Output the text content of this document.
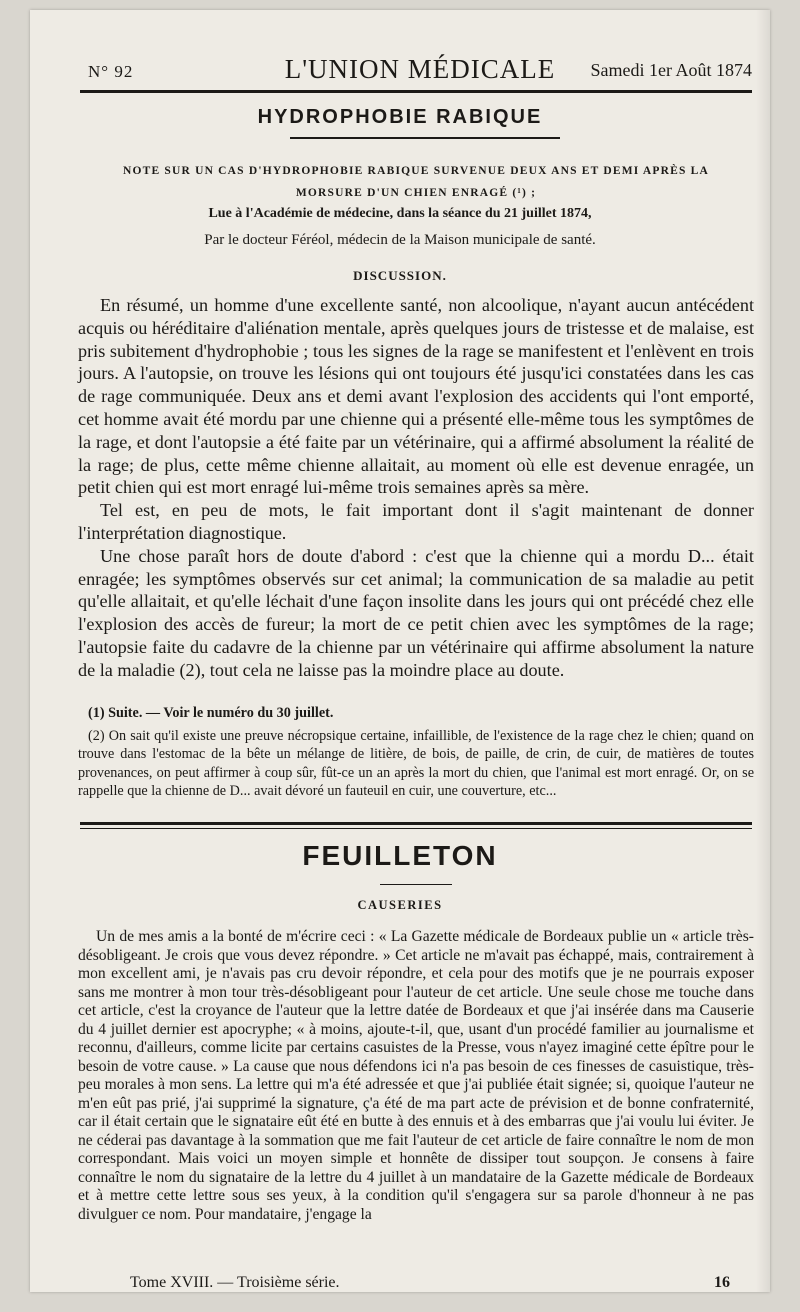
N° 92	L'UNION MÉDICALE	Samedi 1er Août 1874
HYDROPHOBIE RABIQUE
NOTE SUR UN CAS D'HYDROPHOBIE RABIQUE SURVENUE DEUX ANS ET DEMI APRÈS LA
MORSURE D'UN CHIEN ENRAGÉ (¹) ;
Lue à l'Académie de médecine, dans la séance du 21 juillet 1874,
Par le docteur Féréol, médecin de la Maison municipale de santé.
DISCUSSION.

En résumé, un homme d'une excellente santé, non alcoolique, n'ayant aucun antécédent acquis ou héréditaire d'aliénation mentale, après quelques jours de tristesse et de malaise, est pris subitement d'hydrophobie ; tous les signes de la rage se manifestent et l'enlèvent en trois jours. A l'autopsie, on trouve les lésions qui ont toujours été jusqu'ici constatées dans les cas de rage communiquée. Deux ans et demi avant l'explosion des accidents qui l'ont emporté, cet homme avait été mordu par une chienne qui a présenté elle-même tous les symptômes de la rage, et dont l'autopsie a été faite par un vétérinaire, qui a affirmé absolument la réalité de la rage; de plus, cette même chienne allaitait, au moment où elle est devenue enragée, un petit chien qui est mort enragé lui-même trois semaines après sa mère.

Tel est, en peu de mots, le fait important dont il s'agit maintenant de donner l'interprétation diagnostique.

Une chose paraît hors de doute d'abord : c'est que la chienne qui a mordu D... était enragée; les symptômes observés sur cet animal; la communication de sa maladie au petit qu'elle allaitait, et qu'elle léchait d'une façon insolite dans les jours qui ont précédé chez elle l'explosion des accès de fureur; la mort de ce petit chien avec les symptômes de la rage; l'autopsie faite du cadavre de la chienne par un vétérinaire qui affirme absolument la nature de la maladie (2), tout cela ne laisse pas la moindre place au doute.

(1) Suite. — Voir le numéro du 30 juillet.

(2) On sait qu'il existe une preuve nécropsique certaine, infaillible, de l'existence de la rage chez le chien; quand on trouve dans l'estomac de la bête un mélange de litière, de bois, de paille, de crin, de cuir, de matières de toutes provenances, on peut affirmer à coup sûr, fût-ce un an après la mort du chien, que l'animal est mort enragé. Or, on se rappelle que la chienne de D... avait dévoré un fauteuil en cuir, une couverture, etc...

FEUILLETON
CAUSERIES

Un de mes amis a la bonté de m'écrire ceci : « La Gazette médicale de Bordeaux publie un « article très-désobligeant. Je crois que vous devez répondre. » Cet article ne m'avait pas échappé, mais, contrairement à mon excellent ami, je n'avais pas cru devoir répondre, et cela pour des motifs que je ne pourrais exposer sans me montrer à mon tour très-désobligeant pour l'auteur de cet article. Une seule chose me touche dans cet article, c'est la croyance de l'auteur que la lettre datée de Bordeaux et que j'ai insérée dans ma Causerie du 4 juillet dernier est apocryphe; « à moins, ajoute-t-il, que, usant d'un procédé familier au journalisme et reconnu, d'ailleurs, comme licite par certains casuistes de la Presse, vous n'ayez imaginé cette épître pour le besoin de votre cause. » La cause que nous défendons ici n'a pas besoin de ces finesses de casuistique, très-peu morales à mon sens. La lettre qui m'a été adressée et que j'ai publiée était signée; si, quoique l'auteur ne m'en eût pas prié, j'ai supprimé la signature, ç'a été de ma part acte de prévision et de bonne confraternité, car il était certain que le signataire eût été en butte à des ennuis et à des embarras que j'ai voulu lui éviter. Je ne céderai pas davantage à la sommation que me fait l'auteur de cet article de faire connaître le nom de mon correspondant. Mais voici un moyen simple et honnête de dissiper tout soupçon. Je consens à faire connaître le nom du signataire de la lettre du 4 juillet à un mandataire de la Gazette médicale de Bordeaux et à mettre cette lettre sous ses yeux, à la condition qu'il s'engagera sur sa parole d'honneur à ne pas divulguer ce nom. Pour mandataire, j'engage la

Tome XVIII. — Troisième série.	16
